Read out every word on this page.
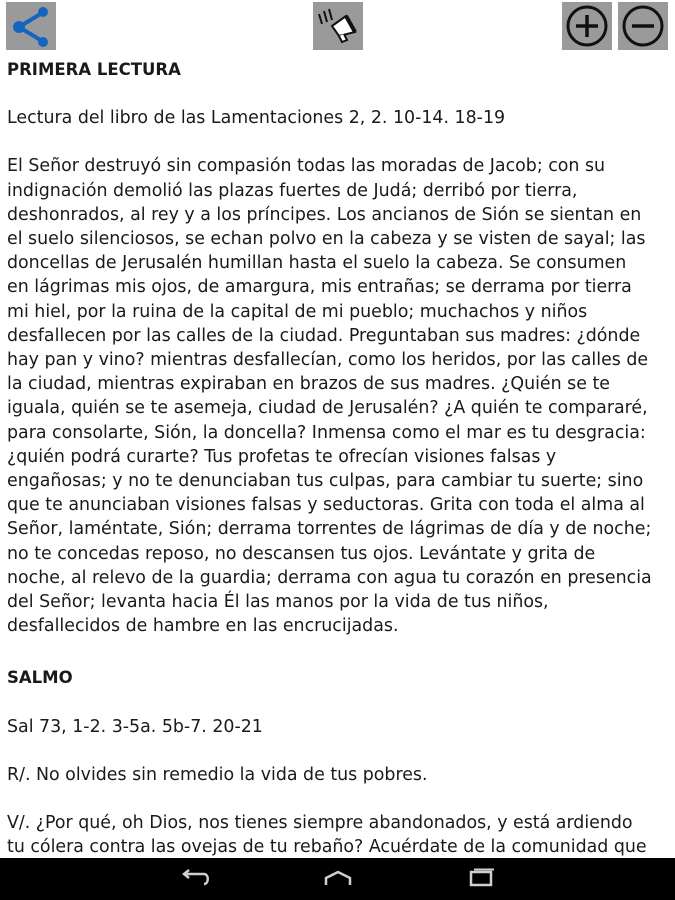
PRIMERA LECTURA

Lectura del libro de las Lamentaciones 2, 2. 10-14. 18-19

El Señor destruyó sin compasión todas las moradas de Jacob; con su

indignación demolió las plazas fuertes de Judá; derribó por tierra,

deshonrados, al rey y a los príncipes. Los ancianos de Sión se sientan en

el suelo silenciosos, se echan polvo en la cabeza y se visten de sayal; las

doncellas de Jerusalén humillan hasta el suelo la cabeza. Se consumen

en lágrimas mis ojos, de amargura, mis entrañas; se derrama por tierra

mi hiel, por la ruina de la capital de mi pueblo; muchachos y niños

desfallecen por las calles de la ciudad. Preguntaban sus madres: ¿dónde

hay pan y vino? mientras desfallecían, como los heridos, por las calles de

la ciudad, mientras expiraban en brazos de sus madres. ¿Quién se te

iguala, quién se te asemeja, ciudad de Jerusalén? ¿A quién te compararé,

para consolarte, Sión, la doncella? Inmensa como el mar es tu desgracia:

¿quién podrá curarte? Tus profetas te ofrecían visiones falsas y

engañosas; y no te denunciaban tus culpas, para cambiar tu suerte; sino

que te anunciaban visiones falsas y seductoras. Grita con toda el alma al

Señor, laméntate, Sión; derrama torrentes de lágrimas de día y de noche;

no te concedas reposo, no descansen tus ojos. Levántate y grita de

noche, al relevo de la guardia; derrama con agua tu corazón en presencia

del Señor; levanta hacia Él las manos por la vida de tus niños,

desfallecidos de hambre en las encrucijadas.

SALMO

Sal 73, 1-2. 3-5a. 5b-7. 20-21

R/. No olvides sin remedio la vida de tus pobres.

V/. ¿Por qué, oh Dios, nos tienes siempre abandonados, y está ardiendo

tu cólera contra las ovejas de tu rebaño? Acuérdate de la comunidad que
